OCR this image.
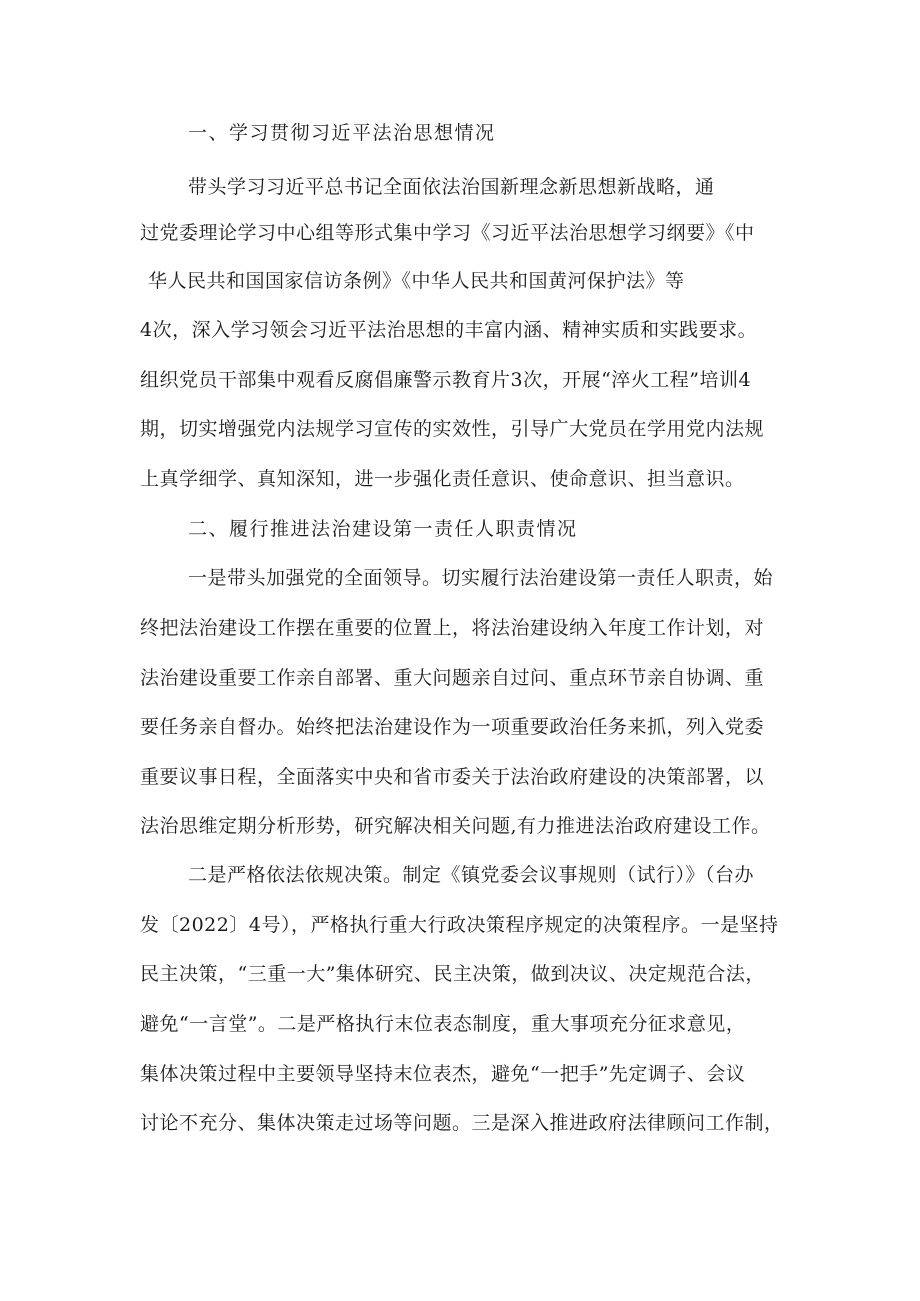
一、学习贯彻习近平法治思想情况
带头学习习近平总书记全面依法治国新理念新思想新战略，通
过党委理论学习中心组等形式集中学习《习近平法治思想学习纲要》《中
华人民共和国国家信访条例》《中华人民共和国黄河保护法》等
4次，深入学习领会习近平法治思想的丰富内涵、精神实质和实践要求。
组织党员干部集中观看反腐倡廉警示教育片3次，开展“淬火工程”培训4
期，切实增强党内法规学习宣传的实效性，引导广大党员在学用党内法规
上真学细学、真知深知，进一步强化责任意识、使命意识、担当意识。
二、履行推进法治建设第一责任人职责情况
一是带头加强党的全面领导。切实履行法治建设第一责任人职责，始
终把法治建设工作摆在重要的位置上，将法治建设纳入年度工作计划，对
法治建设重要工作亲自部署、重大问题亲自过问、重点环节亲自协调、重
要任务亲自督办。始终把法治建设作为一项重要政治任务来抓，列入党委
重要议事日程，全面落实中央和省市委关于法治政府建设的决策部署，以
法治思维定期分析形势，研究解决相关问题,有力推进法治政府建设工作。
二是严格依法依规决策。制定《镇党委会议事规则（试行）》（台办
发〔2022〕4号），严格执行重大行政决策程序规定的决策程序。一是坚持
民主决策，“三重一大”集体研究、民主决策，做到决议、决定规范合法，
避免“一言堂”。二是严格执行末位表态制度，重大事项充分征求意见，
集体决策过程中主要领导坚持末位表杰，避免“一把手”先定调子、会议
讨论不充分、集体决策走过场等问题。三是深入推进政府法律顾问工作制，
